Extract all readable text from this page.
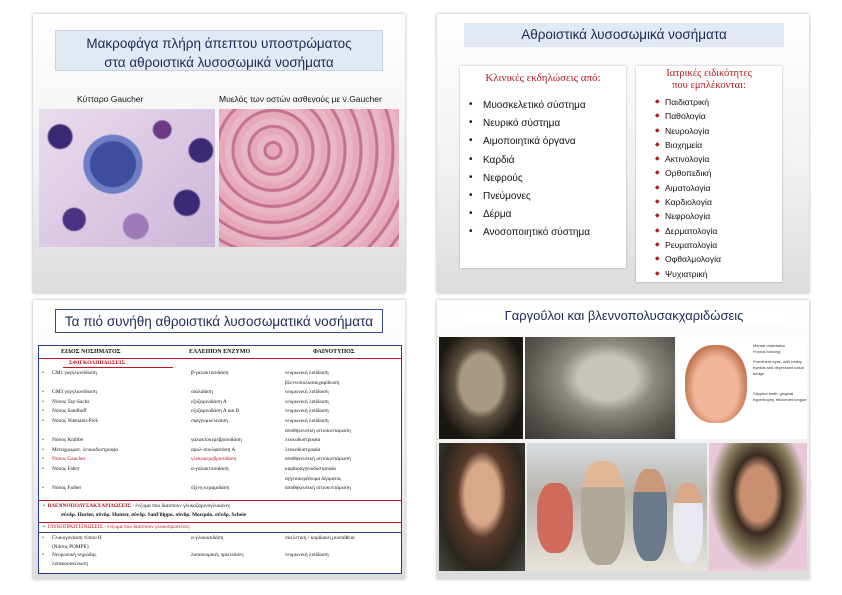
Μακροφάγα πλήρη άπεπτου υποστρώματος
στα αθροιστικά λυσοσωμικά νοσήματα
Κύτταρο Gaucher	Μυελός των οστών ασθενούς με ν.Gaucher
Αθροιστικά λυσοσωμικά νοσήματα
Κλινικές εκδηλώσεις από:	Ιατρικές ειδικότητες
που εμπλέκονται:
• Μυοσκελετικό σύστημα
• Νευρικό σύστημα
• Αιμοποιητικά όργανα
• Καρδιά
• Νεφρούς
• Πνεύμονες
• Δέρμα
• Ανοσοποιητικό σύστημα
◆ Παιδιατρική
◆ Παθολογία
◆ Νευρολογία
◆ Βιοχημεία
◆ Ακτινολογία
◆ Ορθοπεδική
◆ Αιματολογία
◆ Καρδιολογία
◆ Νεφρολογία
◆ Δερματολογία
◆ Ρευματολογία
◆ Οφθαλμολογία
◆ Ψυχιατρική
Τα πιό συνήθη αθροιστικά λυσοσωματικά νοσήματα
ΕΙΔΟΣ ΝΟΣΗΜΑΤΟΣ	ΕΛΛΕΙΠΟΝ ΕΝΖΥΜΟ	ΦΑΙΝΟΤΥΠΟΣ
ΣΦΙΓΚΟΛΙΠΙΔΩΣΕΙΣ
• GM1 γαγγλιοσίδωση	β-γαλακτοσιδάση	νευρωνική λιπίδωση
βλεννοπολυσακχαρίδωση
• GM3 γαγγλιοσίδωση	σιαλιδάση	νευρωνική λιπίδωση
• Νόσος Tay-Sachs	εξοζαμινιδάση Α	νευρωνική λιπίδωση
• Νόσος Sandhoff	εξοζαμινιδάση Α και Β	νευρωνική λιπίδωση
• Νόσος Niemann-Pick	σφιγγομυελινάση	νευρωνική λιπίδωση
αποθηκευτική ιστιοκυτταρωση
• Νόσος Krabbe	γαλακτοκερεβροσιδάση	λευκοδυστροφία
• Μεταχρωματ. λευκοδυστροφία	αρυλ-σουλφατάση Α	λευκοδυστροφία
• Νόσος Gaucher	γλυκοκερεβροσιδάση	αποθηκευτική ιστιοκυττάρωση
• Νόσος Fabry	α-γαλακτοσιδάση	καρδιοαγγειοδυστροφία
αγγειοκεράτωμα δέρματος
• Νόσος Farber	όξινη κεραμιδάση	αποθηκευτική ιστιοκυττάρωση
•  ΒΛΕΝΝΟΠΟΛΥΣΑΚΧΑΡΙΔΩΣΕΙΣ - ένζυμα που διασπούν γλυκοζαμινογλυκάνες
σύνδρ. Hurler, σύνδρ. Hunter, σύνδρ. SanFilippo, σύνδρ. Morquio, σύνδρ. Scheie
•  ΓΛΥΚΟΠΡΩΤΕΪΝΩΣΕΙΣ - ένζυμα που διασπούν γλυκοπρωτεΐνες
• Γλυκογονίαση τύπου ΙΙ	α-γλυκοσιδάση	σκελετική / καρδιακή μυοπάθεια
(Νόσος POMPE)
• Νευρωνική κηρώδης	λυσοσωμικές πρωτεάσες	νευρωνική λιπίδωση
λιποφουσκίνωση
Γαργοΰλοι και βλεννοπολυσακχαριδώσεις
Mental retardation
Frontal bossing
Prominent eyes, with heavy eyelids and depressed nasal bridge
Stippled teeth, gingival hypertrophy, thickened tongue
